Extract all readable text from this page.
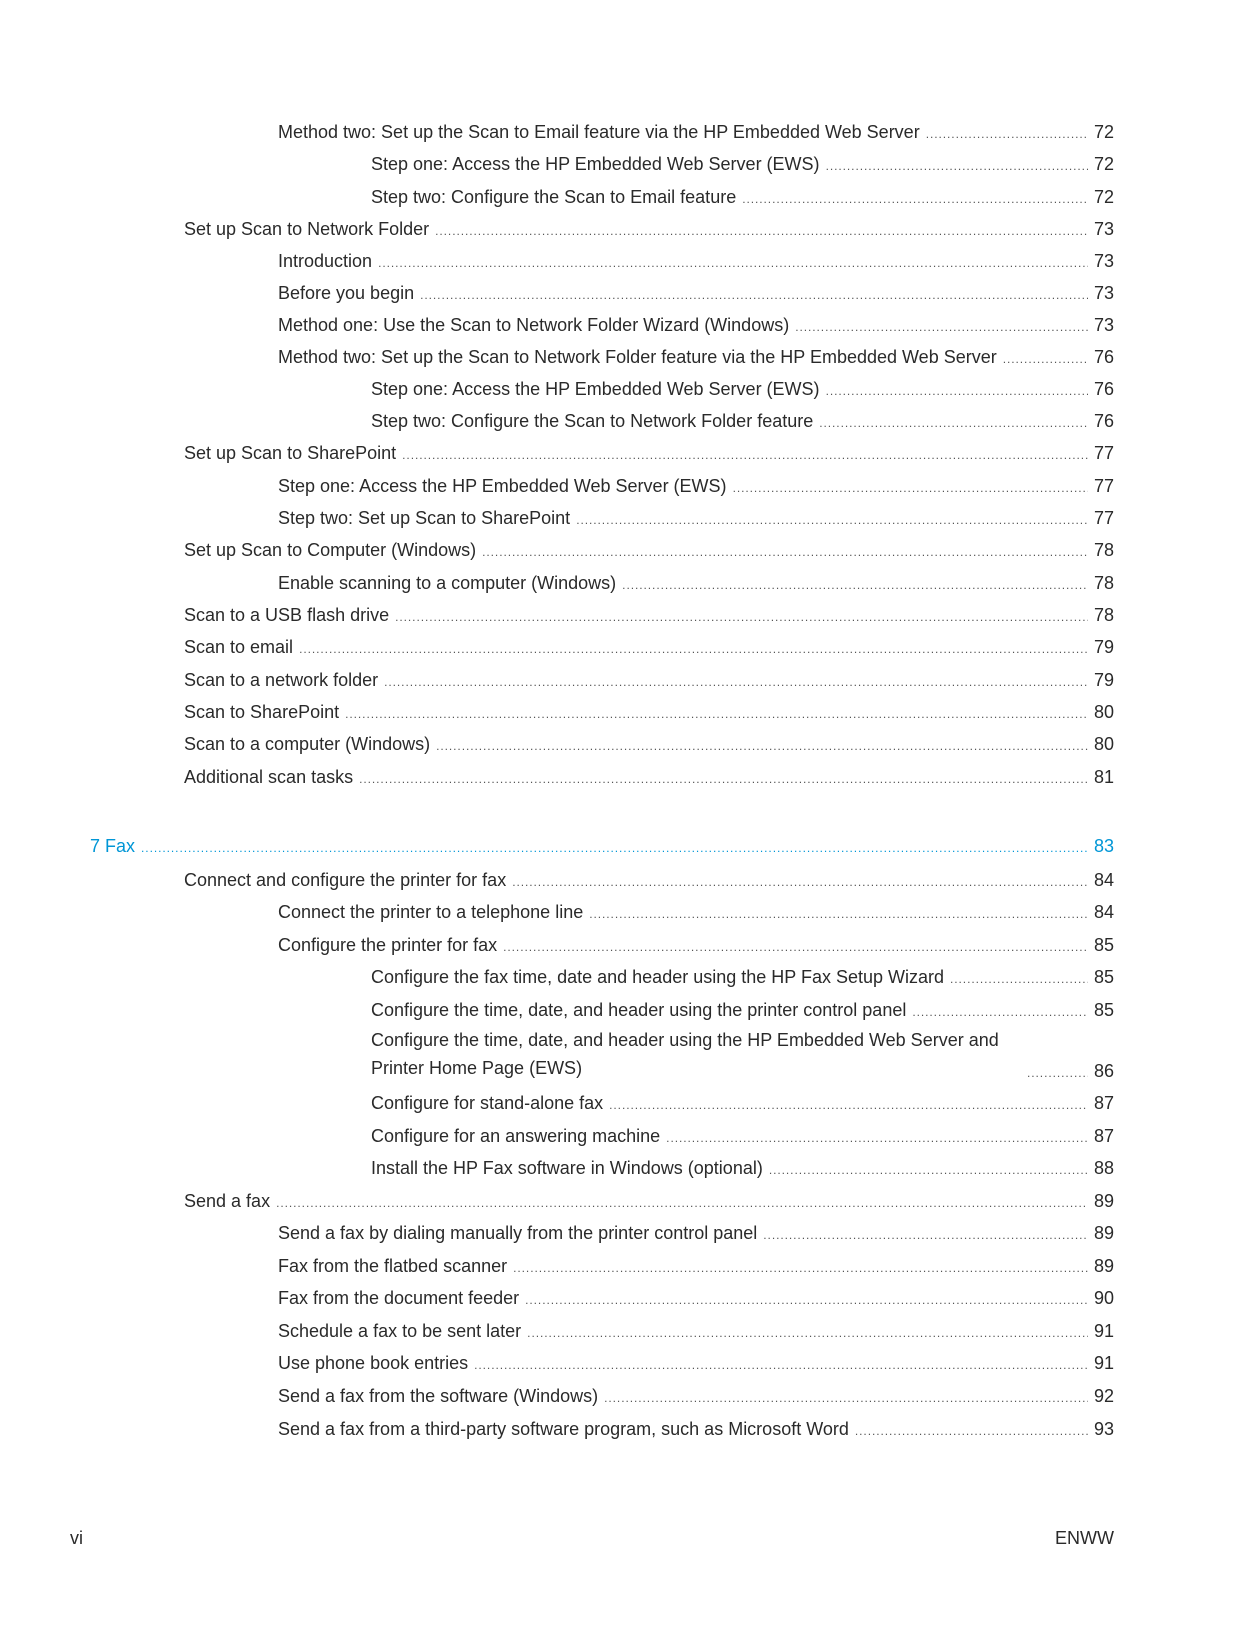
Method two: Set up the Scan to Email feature via the HP Embedded Web Server . . .	72
Step one: Access the HP Embedded Web Server (EWS) . . .	72
Step two: Configure the Scan to Email feature . . .	72
Set up Scan to Network Folder . . .	73
Introduction . . .	73
Before you begin . . .	73
Method one: Use the Scan to Network Folder Wizard (Windows) . . .	73
Method two: Set up the Scan to Network Folder feature via the HP Embedded Web Server . . .	76
Step one: Access the HP Embedded Web Server (EWS) . . .	76
Step two: Configure the Scan to Network Folder feature . . .	76
Set up Scan to SharePoint . . .	77
Step one: Access the HP Embedded Web Server (EWS) . . .	77
Step two: Set up Scan to SharePoint . . .	77
Set up Scan to Computer (Windows) . . .	78
Enable scanning to a computer (Windows) . . .	78
Scan to a USB flash drive . . .	78
Scan to email . . .	79
Scan to a network folder . . .	79
Scan to SharePoint . . .	80
Scan to a computer (Windows) . . .	80
Additional scan tasks . . .	81
7 Fax . . .	83
Connect and configure the printer for fax . . .	84
Connect the printer to a telephone line . . .	84
Configure the printer for fax . . .	85
Configure the fax time, date and header using the HP Fax Setup Wizard . . .	85
Configure the time, date, and header using the printer control panel . . .	85
Configure the time, date, and header using the HP Embedded Web Server and Printer Home Page (EWS) . . .	86
Configure for stand-alone fax . . .	87
Configure for an answering machine . . .	87
Install the HP Fax software in Windows (optional) . . .	88
Send a fax . . .	89
Send a fax by dialing manually from the printer control panel . . .	89
Fax from the flatbed scanner . . .	89
Fax from the document feeder . . .	90
Schedule a fax to be sent later . . .	91
Use phone book entries . . .	91
Send a fax from the software (Windows) . . .	92
Send a fax from a third-party software program, such as Microsoft Word . . .	93
vi	ENWW
